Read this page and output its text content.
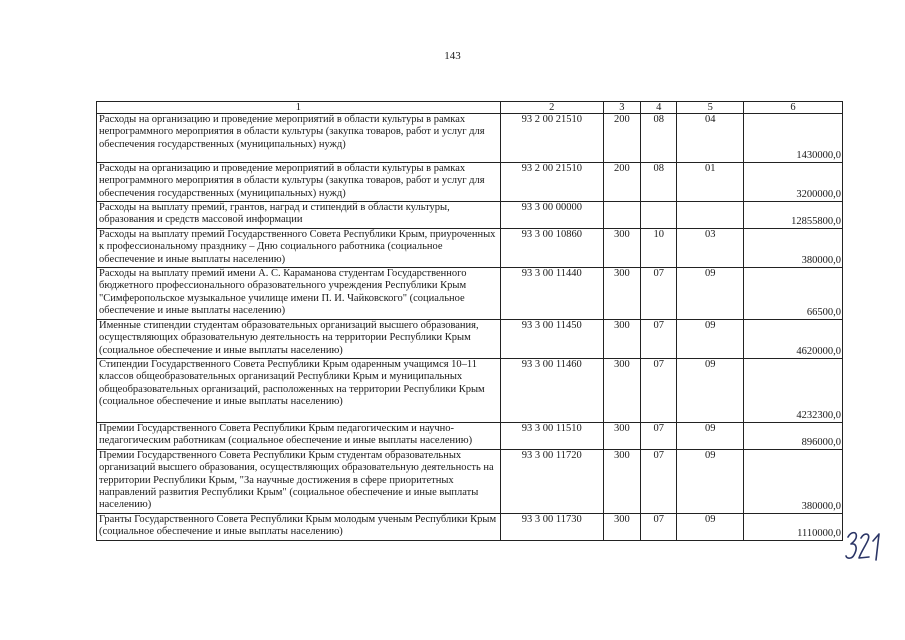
143
1	2	3	4	5	6
Расходы на организацию и проведение мероприятий в области культуры в рамках непрограммного мероприятия в области культуры (закупка товаров, работ и услуг для обеспечения государственных (муниципальных) нужд)	93 2 00 21510	200	08	04	1430000,0
Расходы на организацию и проведение мероприятий в области культуры в рамках непрограммного мероприятия в области культуры (закупка товаров, работ и услуг для обеспечения государственных (муниципальных) нужд)	93 2 00 21510	200	08	01	3200000,0
Расходы на выплату премий, грантов, наград и стипендий в области культуры, образования и средств массовой информации	93 3 00 00000				12855800,0
Расходы на выплату премий Государственного Совета Республики Крым, приуроченных к профессиональному празднику – Дню социального работника (социальное обеспечение и иные выплаты населению)	93 3 00 10860	300	10	03	380000,0
Расходы на выплату премий имени А. С. Караманова студентам Государственного бюджетного профессионального образовательного учреждения Республики Крым "Симферопольское музыкальное училище имени П. И. Чайковского" (социальное обеспечение и иные выплаты населению)	93 3 00 11440	300	07	09	66500,0
Именные стипендии студентам образовательных организаций высшего образования, осуществляющих образовательную деятельность на территории Республики Крым (социальное обеспечение и иные выплаты населению)	93 3 00 11450	300	07	09	4620000,0
Стипендии Государственного Совета Республики Крым одаренным учащимся 10–11 классов общеобразовательных организаций Республики Крым и муниципальных общеобразовательных организаций, расположенных на территории Республики Крым (социальное обеспечение и иные выплаты населению)	93 3 00 11460	300	07	09	4232300,0
Премии Государственного Совета Республики Крым педагогическим и научно-педагогическим работникам (социальное обеспечение и иные выплаты населению)	93 3 00 11510	300	07	09	896000,0
Премии Государственного Совета Республики Крым студентам образовательных организаций высшего образования, осуществляющих образовательную деятельность на территории Республики Крым, "За научные достижения в сфере приоритетных направлений развития Республики Крым" (социальное обеспечение и иные выплаты населению)	93 3 00 11720	300	07	09	380000,0
Гранты Государственного Совета Республики Крым молодым ученым Республики Крым (социальное обеспечение и иные выплаты населению)	93 3 00 11730	300	07	09	1110000,0
